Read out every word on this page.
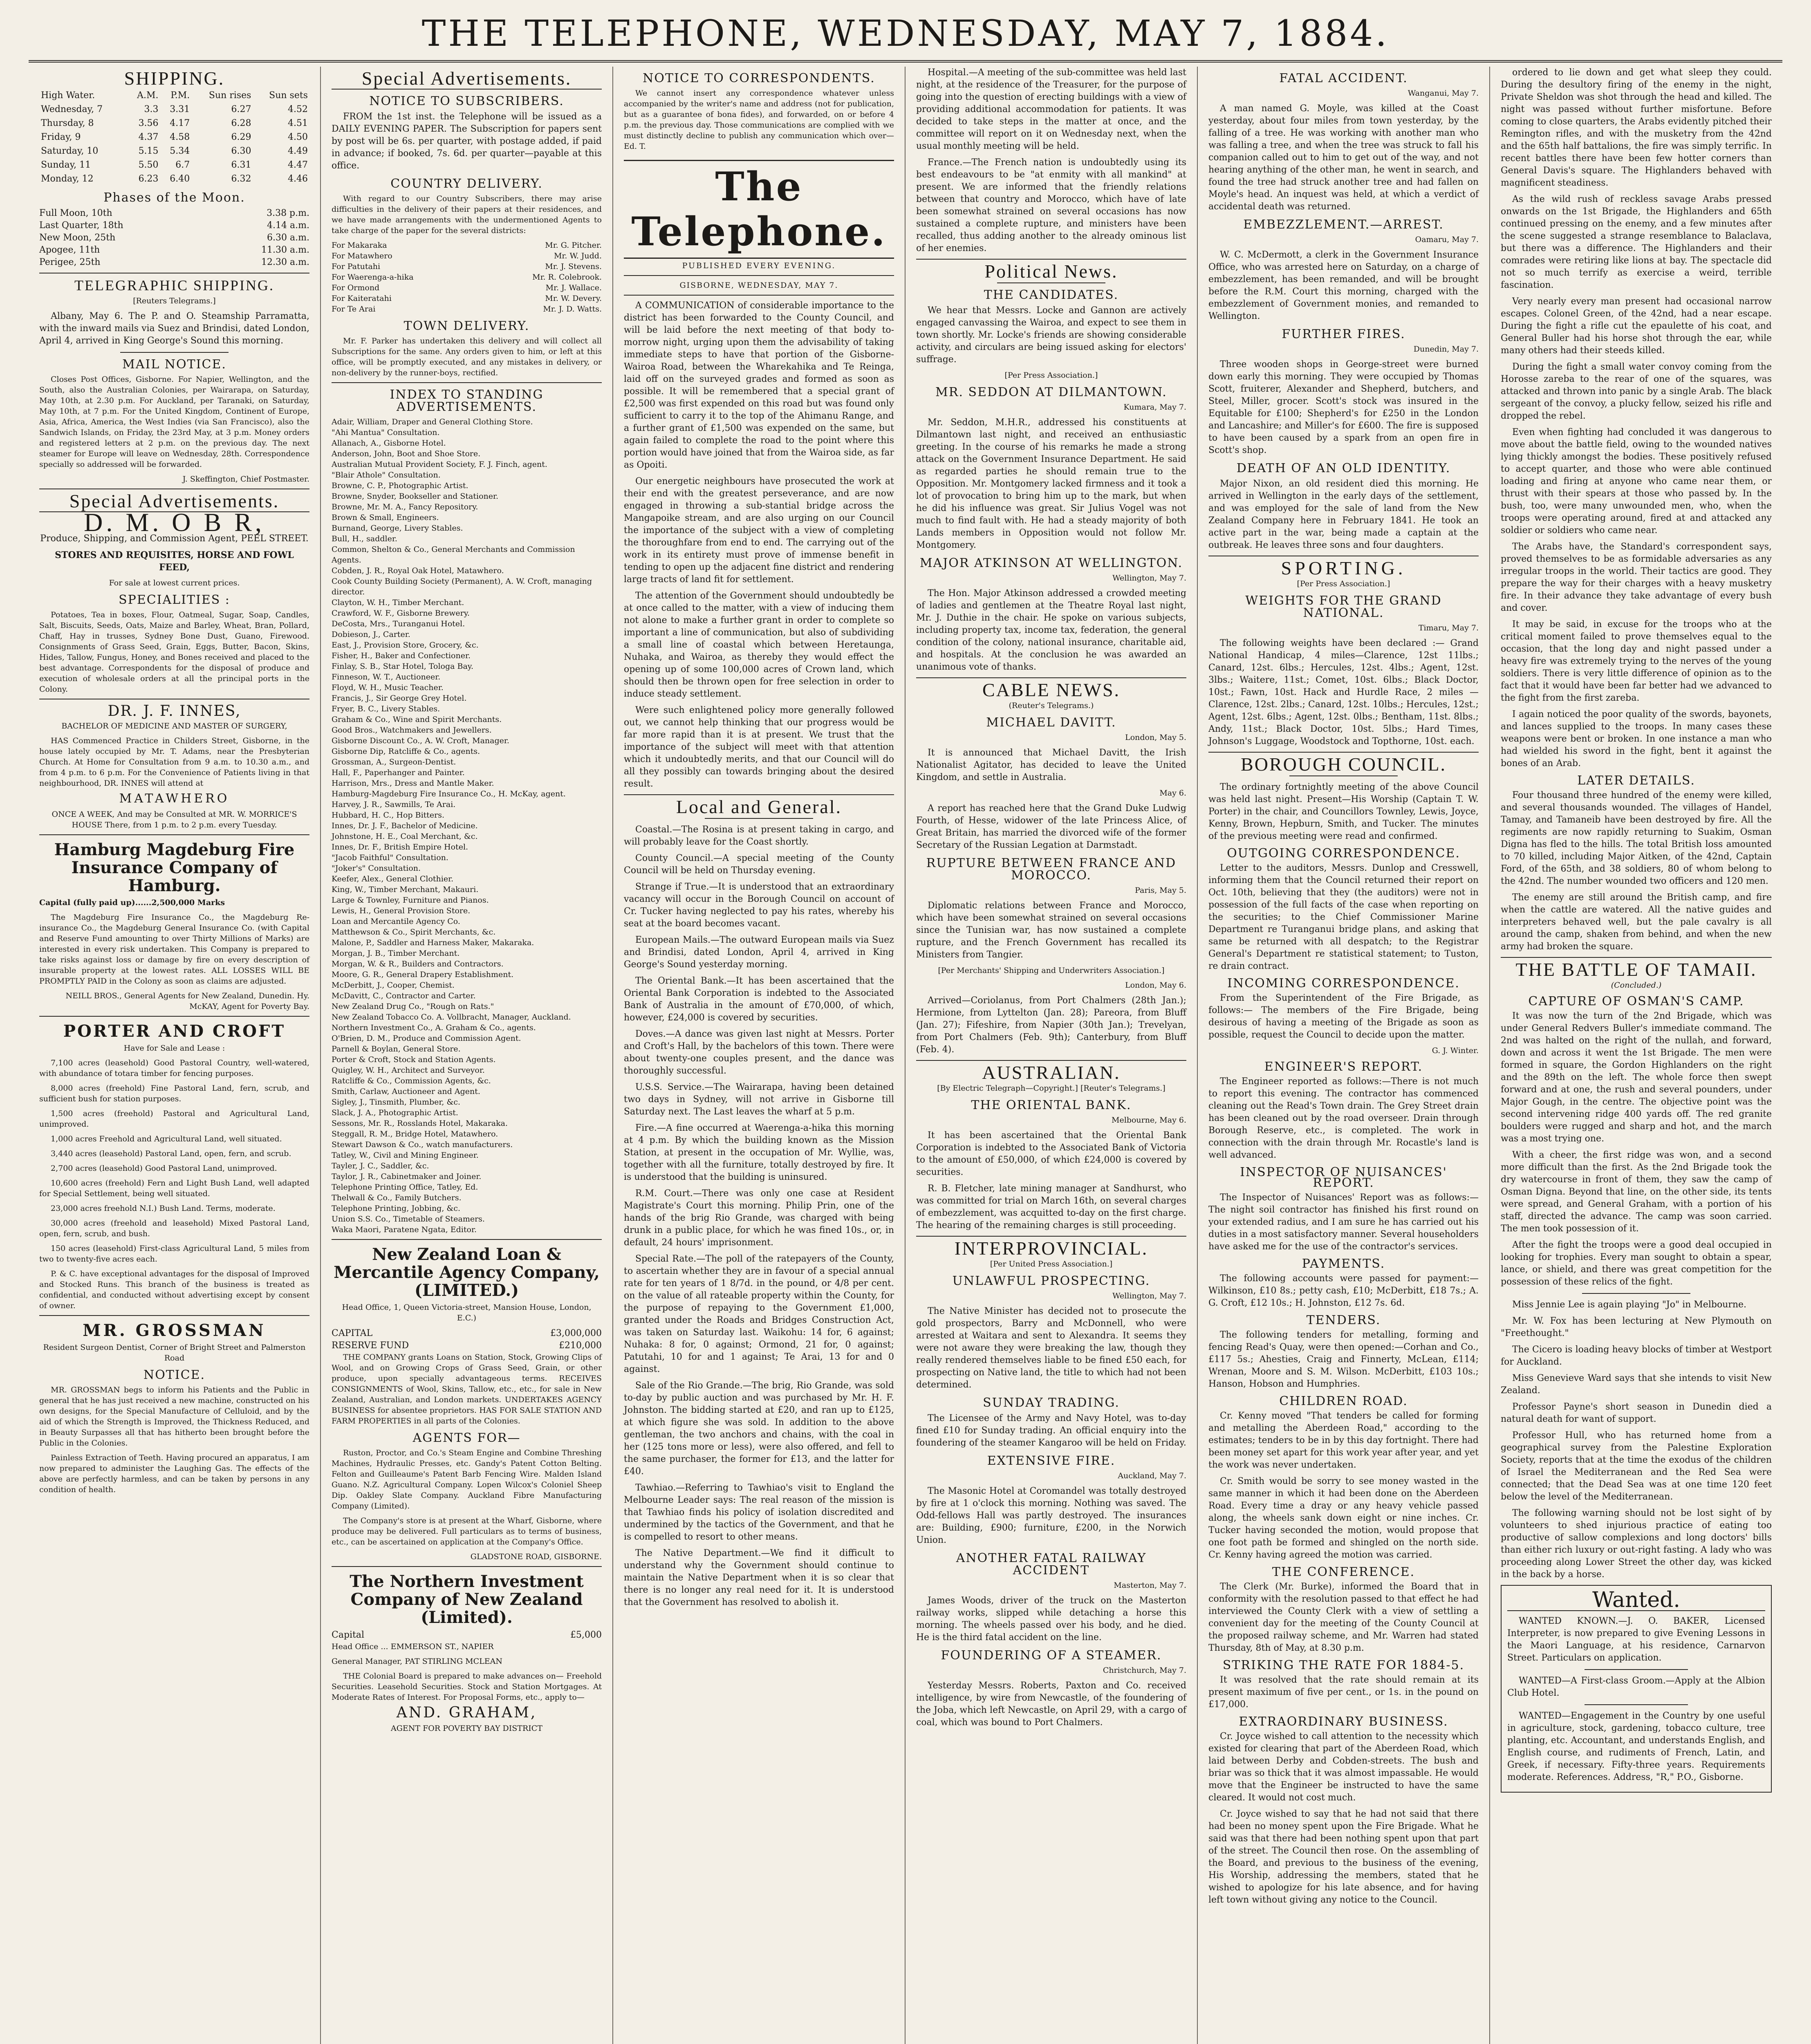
THE TELEPHONE, WEDNESDAY, MAY 7, 1884.
SHIPPING.
High Water.	A.M.	P.M.	Sun rises	Sun sets
Wednesday, 7	3.3	3.31	6.27	4.52
Thursday, 8	3.56	4.17	6.28	4.51
Friday, 9	4.37	4.58	6.29	4.50
Saturday, 10	5.15	5.34	6.30	4.49
Sunday, 11	5.50	6.7	6.31	4.47
Monday, 12	6.23	6.40	6.32	4.46
Phases of the Moon.
Full Moon, 10th	3.38 p.m.
Last Quarter, 18th	4.14 a.m.
New Moon, 25th	6.30 a.m.
Apogee, 11th	11.30 a.m.
Perigee, 25th	12.30 a.m.
TELEGRAPHIC SHIPPING.

[Reuters Telegrams.]

Albany, May 6. The P. and O. Steamship Parramatta, with the inward mails via Suez and Brindisi, dated London, April 4, arrived in King George's Sound this morning.

MAIL NOTICE.

Closes Post Offices, Gisborne. For Napier, Wellington, and the South, also the Australian Colonies, per Wairarapa, on Saturday, May 10th, at 2.30 p.m. For Auckland, per Taranaki, on Saturday, May 10th, at 7 p.m. For the United Kingdom, Continent of Europe, Asia, Africa, America, the West Indies (via San Francisco), also the Sandwich Islands, on Friday, the 23rd May, at 3 p.m. Money orders and registered letters at 2 p.m. on the previous day. The next steamer for Europe will leave on Wednesday, 28th. Correspondence specially so addressed will be forwarded.

J. Skeffington, Chief Postmaster.

Special Advertisements.
D. M. O B R,

Produce, Shipping, and Commission Agent, PEEL STREET.

STORES AND REQUISITES, HORSE AND FOWL FEED,

For sale at lowest current prices.

SPECIALITIES :

Potatoes, Tea in boxes, Flour, Oatmeal, Sugar, Soap, Candles, Salt, Biscuits, Seeds, Oats, Maize and Barley, Wheat, Bran, Pollard, Chaff, Hay in trusses, Sydney Bone Dust, Guano, Firewood. Consignments of Grass Seed, Grain, Eggs, Butter, Bacon, Skins, Hides, Tallow, Fungus, Honey, and Bones received and placed to the best advantage. Correspondents for the disposal of produce and execution of wholesale orders at all the principal ports in the Colony.

DR. J. F. INNES,

BACHELOR OF MEDICINE AND MASTER OF SURGERY,

HAS Commenced Practice in Childers Street, Gisborne, in the house lately occupied by Mr. T. Adams, near the Presbyterian Church. At Home for Consultation from 9 a.m. to 10.30 a.m., and from 4 p.m. to 6 p.m. For the Convenience of Patients living in that neighbourhood, DR. INNES will attend at

MATAWHERO

ONCE A WEEK, And may be Consulted at MR. W. MORRICE'S HOUSE There, from 1 p.m. to 2 p.m. every Tuesday.

Hamburg Magdeburg Fire Insurance Company of Hamburg.

Capital (fully paid up)......2,500,000 Marks

The Magdeburg Fire Insurance Co., the Magdeburg Re-insurance Co., the Magdeburg General Insurance Co. (with Capital and Reserve Fund amounting to over Thirty Millions of Marks) are interested in every risk undertaken. This Company is prepared to take risks against loss or damage by fire on every description of insurable property at the lowest rates. ALL LOSSES WILL BE PROMPTLY PAID in the Colony as soon as claims are adjusted.

NEILL BROS., General Agents for New Zealand, Dunedin. Hy. McKAY, Agent for Poverty Bay.

PORTER AND CROFT

Have for Sale and Lease :

7,100 acres (leasehold) Good Pastoral Country, well-watered, with abundance of totara timber for fencing purposes.

8,000 acres (freehold) Fine Pastoral Land, fern, scrub, and sufficient bush for station purposes.

1,500 acres (freehold) Pastoral and Agricultural Land, unimproved.

1,000 acres Freehold and Agricultural Land, well situated.

3,440 acres (leasehold) Pastoral Land, open, fern, and scrub.

2,700 acres (leasehold) Good Pastoral Land, unimproved.

10,600 acres (freehold) Fern and Light Bush Land, well adapted for Special Settlement, being well situated.

23,000 acres freehold N.I.) Bush Land. Terms, moderate.

30,000 acres (freehold and leasehold) Mixed Pastoral Land, open, fern, scrub, and bush.

150 acres (leasehold) First-class Agricultural Land, 5 miles from two to twenty-five acres each.

P. & C. have exceptional advantages for the disposal of Improved and Stocked Runs. This branch of the business is treated as confidential, and conducted without advertising except by consent of owner.

MR. GROSSMAN

Resident Surgeon Dentist, Corner of Bright Street and Palmerston Road

NOTICE.

MR. GROSSMAN begs to inform his Patients and the Public in general that he has just received a new machine, constructed on his own designs, for the Special Manufacture of Celluloid, and by the aid of which the Strength is Improved, the Thickness Reduced, and in Beauty Surpasses all that has hitherto been brought before the Public in the Colonies.

Painless Extraction of Teeth. Having procured an apparatus, I am now prepared to administer the Laughing Gas. The effects of the above are perfectly harmless, and can be taken by persons in any condition of health.

Special Advertisements.
NOTICE TO SUBSCRIBERS.

FROM the 1st inst. the Telephone will be issued as a DAILY EVENING PAPER. The Subscription for papers sent by post will be 6s. per quarter, with postage added, if paid in advance; if booked, 7s. 6d. per quarter—payable at this office.

COUNTRY DELIVERY.

With regard to our Country Subscribers, there may arise difficulties in the delivery of their papers at their residences, and we have made arrangements with the undermentioned Agents to take charge of the paper for the several districts:

For Makaraka	Mr. G. Pitcher.
For Matawhero	Mr. W. Judd.
For Patutahi	Mr. J. Stevens.
For Waerenga-a-hika	Mr. R. Colebrook.
For Ormond	Mr. J. Wallace.
For Kaiteratahi	Mr. W. Devery.
For Te Arai	Mr. J. D. Watts.
TOWN DELIVERY.

Mr. F. Parker has undertaken this delivery and will collect all Subscriptions for the same. Any orders given to him, or left at this office, will be promptly executed, and any mistakes in delivery, or non-delivery by the runner-boys, rectified.

INDEX TO STANDING ADVERTISEMENTS.
Adair, William, Draper and General Clothing Store.
"Ahi Mantua" Consultation.
Allanach, A., Gisborne Hotel.
Anderson, John, Boot and Shoe Store.
Australian Mutual Provident Society, F. J. Finch, agent.
"Blair Athole" Consultation.
Browne, C. P., Photographic Artist.
Browne, Snyder, Bookseller and Stationer.
Browne, Mr. M. A., Fancy Repository.
Brown & Small, Engineers.
Burnand, George, Livery Stables.
Bull, H., saddler.
Common, Shelton & Co., General Merchants and Commission Agents.
Cobden, J. R., Royal Oak Hotel, Matawhero.
Cook County Building Society (Permanent), A. W. Croft, managing director.
Clayton, W. H., Timber Merchant.
Crawford, W. F., Gisborne Brewery.
DeCosta, Mrs., Turanganui Hotel.
Dobieson, J., Carter.
East, J., Provision Store, Grocery, &c.
Fisher, H., Baker and Confectioner.
Finlay, S. B., Star Hotel, Tologa Bay.
Finneson, W. T., Auctioneer.
Floyd, W. H., Music Teacher.
Francis, J., Sir George Grey Hotel.
Fryer, B. C., Livery Stables.
Graham & Co., Wine and Spirit Merchants.
Good Bros., Watchmakers and Jewellers.
Gisborne Discount Co., A. W. Croft, Manager.
Gisborne Dip, Ratcliffe & Co., agents.
Grossman, A., Surgeon-Dentist.
Hall, F., Paperhanger and Painter.
Harrison, Mrs., Dress and Mantle Maker.
Hamburg-Magdeburg Fire Insurance Co., H. McKay, agent.
Harvey, J. R., Sawmills, Te Arai.
Hubbard, H. C., Hop Bitters.
Innes, Dr. J. F., Bachelor of Medicine.
Johnstone, H. E., Coal Merchant, &c.
Innes, Dr. F., British Empire Hotel.
"Jacob Faithful" Consultation.
"Joker's" Consultation.
Keefer, Alex., General Clothier.
King, W., Timber Merchant, Makauri.
Large & Townley, Furniture and Pianos.
Lewis, H., General Provision Store.
Loan and Mercantile Agency Co.
Matthewson & Co., Spirit Merchants, &c.
Malone, P., Saddler and Harness Maker, Makaraka.
Morgan, J. B., Timber Merchant.
Morgan, W. & R., Builders and Contractors.
Moore, G. R., General Drapery Establishment.
McDerbitt, J., Cooper, Chemist.
McDavitt, C., Contractor and Carter.
New Zealand Drug Co., "Rough on Rats."
New Zealand Tobacco Co. A. Vollbracht, Manager, Auckland.
Northern Investment Co., A. Graham & Co., agents.
O'Brien, D. M., Produce and Commission Agent.
Parnell & Boylan, General Store.
Porter & Croft, Stock and Station Agents.
Quigley, W. H., Architect and Surveyor.
Ratcliffe & Co., Commission Agents, &c.
Smith, Carlaw, Auctioneer and Agent.
Sigley, J., Tinsmith, Plumber, &c.
Slack, J. A., Photographic Artist.
Sessons, Mr. R., Rosslands Hotel, Makaraka.
Steggall, R. M., Bridge Hotel, Matawhero.
Stewart Dawson & Co., watch manufacturers.
Tatley, W., Civil and Mining Engineer.
Tayler, J. C., Saddler, &c.
Taylor, J. R., Cabinetmaker and Joiner.
Telephone Printing Office, Tatley, Ed.
Thelwall & Co., Family Butchers.
Telephone Printing, Jobbing, &c.
Union S.S. Co., Timetable of Steamers.
Waka Maori, Paratene Ngata, Editor.
New Zealand Loan & Mercantile Agency Company, (LIMITED.)

Head Office, 1, Queen Victoria-street, Mansion House, London, E.C.)

CAPITAL	£3,000,000
RESERVE FUND	£210,000

THE COMPANY grants Loans on Station, Stock, Growing Clips of Wool, and on Growing Crops of Grass Seed, Grain, or other produce, upon specially advantageous terms. RECEIVES CONSIGNMENTS of Wool, Skins, Tallow, etc., etc., for sale in New Zealand, Australian, and London markets. UNDERTAKES AGENCY BUSINESS for absentee proprietors. HAS FOR SALE STATION AND FARM PROPERTIES in all parts of the Colonies.

AGENTS FOR—

Ruston, Proctor, and Co.'s Steam Engine and Combine Threshing Machines, Hydraulic Presses, etc. Gandy's Patent Cotton Belting. Felton and Guilleaume's Patent Barb Fencing Wire. Malden Island Guano. N.Z. Agricultural Company. Lopen Wilcox's Coloniel Sheep Dip. Oakley Slate Company. Auckland Fibre Manufacturing Company (Limited).

The Company's store is at present at the Wharf, Gisborne, where produce may be delivered. Full particulars as to terms of business, etc., can be ascertained on application at the Company's Office.

GLADSTONE ROAD, GISBORNE.

The Northern Investment Company of New Zealand (Limited).
Capital	£5,000

Head Office ... EMMERSON ST., NAPIER

General Manager, PAT STIRLING MCLEAN

THE Colonial Board is prepared to make advances on— Freehold Securities. Leasehold Securities. Stock and Station Mortgages. At Moderate Rates of Interest. For Proposal Forms, etc., apply to—

AND. GRAHAM,

AGENT FOR POVERTY BAY DISTRICT

NOTICE TO CORRESPONDENTS.

We cannot insert any correspondence whatever unless accompanied by the writer's name and address (not for publication, but as a guarantee of bona fides), and forwarded, on or before 4 p.m. the previous day. Those communications are complied with we must distinctly decline to publish any communication which over—Ed. T.

The Telephone.

PUBLISHED EVERY EVENING.

GISBORNE, WEDNESDAY, MAY 7.

A COMMUNICATION of considerable importance to the district has been forwarded to the County Council, and will be laid before the next meeting of that body to-morrow night, urging upon them the advisability of taking immediate steps to have that portion of the Gisborne-Wairoa Road, between the Wharekahika and Te Reinga, laid off on the surveyed grades and formed as soon as possible. It will be remembered that a special grant of £2,500 was first expended on this road but was found only sufficient to carry it to the top of the Ahimanu Range, and a further grant of £1,500 was expended on the same, but again failed to complete the road to the point where this portion would have joined that from the Wairoa side, as far as Opoiti.

Our energetic neighbours have prosecuted the work at their end with the greatest perseverance, and are now engaged in throwing a sub-stantial bridge across the Mangapoike stream, and are also urging on our Council the importance of the subject with a view of completing the thoroughfare from end to end. The carrying out of the work in its entirety must prove of immense benefit in tending to open up the adjacent fine district and rendering large tracts of land fit for settlement.

The attention of the Government should undoubtedly be at once called to the matter, with a view of inducing them not alone to make a further grant in order to complete so important a line of communication, but also of subdividing a small line of coastal which between Heretaunga, Nuhaka, and Wairoa, as thereby they would effect the opening up of some 100,000 acres of Crown land, which should then be thrown open for free selection in order to induce steady settlement.

Were such enlightened policy more generally followed out, we cannot help thinking that our progress would be far more rapid than it is at present. We trust that the importance of the subject will meet with that attention which it undoubtedly merits, and that our Council will do all they possibly can towards bringing about the desired result.

Local and General.

Coastal.—The Rosina is at present taking in cargo, and will probably leave for the Coast shortly.

County Council.—A special meeting of the County Council will be held on Thursday evening.

Strange if True.—It is understood that an extraordinary vacancy will occur in the Borough Council on account of Cr. Tucker having neglected to pay his rates, whereby his seat at the board becomes vacant.

European Mails.—The outward European mails via Suez and Brindisi, dated London, April 4, arrived in King George's Sound yesterday morning.

The Oriental Bank.—It has been ascertained that the Oriental Bank Corporation is indebted to the Associated Bank of Australia in the amount of £70,000, of which, however, £24,000 is covered by securities.

Doves.—A dance was given last night at Messrs. Porter and Croft's Hall, by the bachelors of this town. There were about twenty-one couples present, and the dance was thoroughly successful.

U.S.S. Service.—The Wairarapa, having been detained two days in Sydney, will not arrive in Gisborne till Saturday next. The Last leaves the wharf at 5 p.m.

Fire.—A fine occurred at Waerenga-a-hika this morning at 4 p.m. By which the building known as the Mission Station, at present in the occupation of Mr. Wyllie, was, together with all the furniture, totally destroyed by fire. It is understood that the building is uninsured.

R.M. Court.—There was only one case at Resident Magistrate's Court this morning. Philip Prin, one of the hands of the brig Rio Grande, was charged with being drunk in a public place, for which he was fined 10s., or, in default, 24 hours' imprisonment.

Special Rate.—The poll of the ratepayers of the County, to ascertain whether they are in favour of a special annual rate for ten years of 1 8/7d. in the pound, or 4/8 per cent. on the value of all rateable property within the County, for the purpose of repaying to the Government £1,000, granted under the Roads and Bridges Construction Act, was taken on Saturday last. Waikohu: 14 for, 6 against; Nuhaka: 8 for, 0 against; Ormond, 21 for, 0 against; Patutahi, 10 for and 1 against; Te Arai, 13 for and 0 against.

Sale of the Rio Grande.—The brig, Rio Grande, was sold to-day by public auction and was purchased by Mr. H. F. Johnston. The bidding started at £20, and ran up to £125, at which figure she was sold. In addition to the above gentleman, the two anchors and chains, with the coal in her (125 tons more or less), were also offered, and fell to the same purchaser, the former for £13, and the latter for £40.

Tawhiao.—Referring to Tawhiao's visit to England the Melbourne Leader says: The real reason of the mission is that Tawhiao finds his policy of isolation discredited and undermined by the tactics of the Government, and that he is compelled to resort to other means.

The Native Department.—We find it difficult to understand why the Government should continue to maintain the Native Department when it is so clear that there is no longer any real need for it. It is understood that the Government has resolved to abolish it.

Hospital.—A meeting of the sub-committee was held last night, at the residence of the Treasurer, for the purpose of going into the question of erecting buildings with a view of providing additional accommodation for patients. It was decided to take steps in the matter at once, and the committee will report on it on Wednesday next, when the usual monthly meeting will be held.

France.—The French nation is undoubtedly using its best endeavours to be "at enmity with all mankind" at present. We are informed that the friendly relations between that country and Morocco, which have of late been somewhat strained on several occasions has now sustained a complete rupture, and ministers have been recalled, thus adding another to the already ominous list of her enemies.

Political News.
THE CANDIDATES.

We hear that Messrs. Locke and Gannon are actively engaged canvassing the Wairoa, and expect to see them in town shortly. Mr. Locke's friends are showing considerable activity, and circulars are being issued asking for electors' suffrage.

[Per Press Association.]

MR. SEDDON AT DILMANTOWN.

Kumara, May 7.

Mr. Seddon, M.H.R., addressed his constituents at Dilmantown last night, and received an enthusiastic greeting. In the course of his remarks he made a strong attack on the Government Insurance Department. He said as regarded parties he should remain true to the Opposition. Mr. Montgomery lacked firmness and it took a lot of provocation to bring him up to the mark, but when he did his influence was great. Sir Julius Vogel was not much to find fault with. He had a steady majority of both Lands members in Opposition would not follow Mr. Montgomery.

MAJOR ATKINSON AT WELLINGTON.

Wellington, May 7.

The Hon. Major Atkinson addressed a crowded meeting of ladies and gentlemen at the Theatre Royal last night, Mr. J. Duthie in the chair. He spoke on various subjects, including property tax, income tax, federation, the general condition of the colony, national insurance, charitable aid, and hospitals. At the conclusion he was awarded an unanimous vote of thanks.

CABLE NEWS.

(Reuter's Telegrams.)

MICHAEL DAVITT.

London, May 5.

It is announced that Michael Davitt, the Irish Nationalist Agitator, has decided to leave the United Kingdom, and settle in Australia.

May 6.

A report has reached here that the Grand Duke Ludwig Fourth, of Hesse, widower of the late Princess Alice, of Great Britain, has married the divorced wife of the former Secretary of the Russian Legation at Darmstadt.

RUPTURE BETWEEN FRANCE AND MOROCCO.

Paris, May 5.

Diplomatic relations between France and Morocco, which have been somewhat strained on several occasions since the Tunisian war, has now sustained a complete rupture, and the French Government has recalled its Ministers from Tangier.

[Per Merchants' Shipping and Underwriters Association.]

London, May 6.

Arrived—Coriolanus, from Port Chalmers (28th Jan.); Hermione, from Lyttelton (Jan. 28); Pareora, from Bluff (Jan. 27); Fifeshire, from Napier (30th Jan.); Trevelyan, from Port Chalmers (Feb. 9th); Canterbury, from Bluff (Feb. 4).

AUSTRALIAN.

[By Electric Telegraph—Copyright.] [Reuter's Telegrams.]

THE ORIENTAL BANK.

Melbourne, May 6.

It has been ascertained that the Oriental Bank Corporation is indebted to the Associated Bank of Victoria to the amount of £50,000, of which £24,000 is covered by securities.

R. B. Fletcher, late mining manager at Sandhurst, who was committed for trial on March 16th, on several charges of embezzlement, was acquitted to-day on the first charge. The hearing of the remaining charges is still proceeding.

INTERPROVINCIAL.

[Per United Press Association.]

UNLAWFUL PROSPECTING.

Wellington, May 7.

The Native Minister has decided not to prosecute the gold prospectors, Barry and McDonnell, who were arrested at Waitara and sent to Alexandra. It seems they were not aware they were breaking the law, though they really rendered themselves liable to be fined £50 each, for prospecting on Native land, the title to which had not been determined.

SUNDAY TRADING.

The Licensee of the Army and Navy Hotel, was to-day fined £10 for Sunday trading. An official enquiry into the foundering of the steamer Kangaroo will be held on Friday.

EXTENSIVE FIRE.

Auckland, May 7.

The Masonic Hotel at Coromandel was totally destroyed by fire at 1 o'clock this morning. Nothing was saved. The Odd-fellows Hall was partly destroyed. The insurances are: Building, £900; furniture, £200, in the Norwich Union.

ANOTHER FATAL RAILWAY ACCIDENT

Masterton, May 7.

James Woods, driver of the truck on the Masterton railway works, slipped while detaching a horse this morning. The wheels passed over his body, and he died. He is the third fatal accident on the line.

FOUNDERING OF A STEAMER.

Christchurch, May 7.

Yesterday Messrs. Roberts, Paxton and Co. received intelligence, by wire from Newcastle, of the foundering of the Joba, which left Newcastle, on April 29, with a cargo of coal, which was bound to Port Chalmers.

FATAL ACCIDENT.

Wanganui, May 7.

A man named G. Moyle, was killed at the Coast yesterday, about four miles from town yesterday, by the falling of a tree. He was working with another man who was falling a tree, and when the tree was struck to fall his companion called out to him to get out of the way, and not hearing anything of the other man, he went in search, and found the tree had struck another tree and had fallen on Moyle's head. An inquest was held, at which a verdict of accidental death was returned.

EMBEZZLEMENT.—ARREST.

Oamaru, May 7.

W. C. McDermott, a clerk in the Government Insurance Office, who was arrested here on Saturday, on a charge of embezzlement, has been remanded, and will be brought before the R.M. Court this morning, charged with the embezzlement of Government monies, and remanded to Wellington.

FURTHER FIRES.

Dunedin, May 7.

Three wooden shops in George-street were burned down early this morning. They were occupied by Thomas Scott, fruiterer, Alexander and Shepherd, butchers, and Steel, Miller, grocer. Scott's stock was insured in the Equitable for £100; Shepherd's for £250 in the London and Lancashire; and Miller's for £600. The fire is supposed to have been caused by a spark from an open fire in Scott's shop.

DEATH OF AN OLD IDENTITY.

Major Nixon, an old resident died this morning. He arrived in Wellington in the early days of the settlement, and was employed for the sale of land from the New Zealand Company here in February 1841. He took an active part in the war, being made a captain at the outbreak. He leaves three sons and four daughters.

SPORTING.

[Per Press Association.]

WEIGHTS FOR THE GRAND NATIONAL.

Timaru, May 7.

The following weights have been declared :— Grand National Handicap, 4 miles—Clarence, 12st 11lbs.; Canard, 12st. 6lbs.; Hercules, 12st. 4lbs.; Agent, 12st. 3lbs.; Waitere, 11st.; Comet, 10st. 6lbs.; Black Doctor, 10st.; Fawn, 10st. Hack and Hurdle Race, 2 miles — Clarence, 12st. 2lbs.; Canard, 12st. 10lbs.; Hercules, 12st.; Agent, 12st. 6lbs.; Agent, 12st. 0lbs.; Bentham, 11st. 8lbs.; Andy, 11st.; Black Doctor, 10st. 5lbs.; Hard Times, Johnson's Luggage, Woodstock and Topthorne, 10st. each.

BOROUGH COUNCIL.

The ordinary fortnightly meeting of the above Council was held last night. Present—His Worship (Captain T. W. Porter) in the chair, and Councillors Townley, Lewis, Joyce, Kenny, Brown, Hepburn, Smith, and Tucker. The minutes of the previous meeting were read and confirmed.

OUTGOING CORRESPONDENCE.

Letter to the auditors, Messrs. Dunlop and Cresswell, informing them that the Council returned their report on Oct. 10th, believing that they (the auditors) were not in possession of the full facts of the case when reporting on the securities; to the Chief Commissioner Marine Department re Turanganui bridge plans, and asking that same be returned with all despatch; to the Registrar General's Department re statistical statement; to Tuston, re drain contract.

INCOMING CORRESPONDENCE.

From the Superintendent of the Fire Brigade, as follows:— The members of the Fire Brigade, being desirous of having a meeting of the Brigade as soon as possible, request the Council to decide upon the matter.

G. J. Winter.

ENGINEER'S REPORT.

The Engineer reported as follows:—There is not much to report this evening. The contractor has commenced cleaning out the Read's Town drain. The Grey Street drain has been cleaned out by the road overseer. Drain through Borough Reserve, etc., is completed. The work in connection with the drain through Mr. Rocastle's land is well advanced.

INSPECTOR OF NUISANCES' REPORT.

The Inspector of Nuisances' Report was as follows:—The night soil contractor has finished his first round on your extended radius, and I am sure he has carried out his duties in a most satisfactory manner. Several householders have asked me for the use of the contractor's services.

PAYMENTS.

The following accounts were passed for payment:—Wilkinson, £10 8s.; petty cash, £10; McDerbitt, £18 7s.; A. G. Croft, £12 10s.; H. Johnston, £12 7s. 6d.

TENDERS.

The following tenders for metalling, forming and fencing Read's Quay, were then opened:—Corhan and Co., £117 5s.; Ahesties, Craig and Finnerty, McLean, £114; Wrenan, Moore and S. M. Wilson. McDerbitt, £103 10s.; Hanson, Hobson and Humphries.

CHILDREN ROAD.

Cr. Kenny moved "That tenders be called for forming and metalling the Aberdeen Road," according to the estimates; tenders to be in by this day fortnight. There had been money set apart for this work year after year, and yet the work was never undertaken.

Cr. Smith would be sorry to see money wasted in the same manner in which it had been done on the Aberdeen Road. Every time a dray or any heavy vehicle passed along, the wheels sank down eight or nine inches. Cr. Tucker having seconded the motion, would propose that one foot path be formed and shingled on the north side. Cr. Kenny having agreed the motion was carried.

THE CONFERENCE.

The Clerk (Mr. Burke), informed the Board that in conformity with the resolution passed to that effect he had interviewed the County Clerk with a view of settling a convenient day for the meeting of the County Council at the proposed railway scheme, and Mr. Warren had stated Thursday, 8th of May, at 8.30 p.m.

STRIKING THE RATE FOR 1884-5.

It was resolved that the rate should remain at its present maximum of five per cent., or 1s. in the pound on £17,000.

EXTRAORDINARY BUSINESS.

Cr. Joyce wished to call attention to the necessity which existed for clearing that part of the Aberdeen Road, which laid between Derby and Cobden-streets. The bush and briar was so thick that it was almost impassable. He would move that the Engineer be instructed to have the same cleared. It would not cost much.

Cr. Joyce wished to say that he had not said that there had been no money spent upon the Fire Brigade. What he said was that there had been nothing spent upon that part of the street. The Council then rose. On the assembling of the Board, and previous to the business of the evening, His Worship, addressing the members, stated that he wished to apologize for his late absence, and for having left town without giving any notice to the Council.

ordered to lie down and get what sleep they could. During the desultory firing of the enemy in the night, Private Sheldon was shot through the head and killed. The night was passed without further misfortune. Before coming to close quarters, the Arabs evidently pitched their Remington rifles, and with the musketry from the 42nd and the 65th half battalions, the fire was simply terrific. In recent battles there have been few hotter corners than General Davis's square. The Highlanders behaved with magnificent steadiness.

As the wild rush of reckless savage Arabs pressed onwards on the 1st Brigade, the Highlanders and 65th continued pressing on the enemy, and a few minutes after the scene suggested a strange resemblance to Balaclava, but there was a difference. The Highlanders and their comrades were retiring like lions at bay. The spectacle did not so much terrify as exercise a weird, terrible fascination.

Very nearly every man present had occasional narrow escapes. Colonel Green, of the 42nd, had a near escape. During the fight a rifle cut the epaulette of his coat, and General Buller had his horse shot through the ear, while many others had their steeds killed.

During the fight a small water convoy coming from the Horosse zareba to the rear of one of the squares, was attacked and thrown into panic by a single Arab. The black sergeant of the convoy, a plucky fellow, seized his rifle and dropped the rebel.

Even when fighting had concluded it was dangerous to move about the battle field, owing to the wounded natives lying thickly amongst the bodies. These positively refused to accept quarter, and those who were able continued loading and firing at anyone who came near them, or thrust with their spears at those who passed by. In the bush, too, were many unwounded men, who, when the troops were operating around, fired at and attacked any soldier or soldiers who came near.

The Arabs have, the Standard's correspondent says, proved themselves to be as formidable adversaries as any irregular troops in the world. Their tactics are good. They prepare the way for their charges with a heavy musketry fire. In their advance they take advantage of every bush and cover.

It may be said, in excuse for the troops who at the critical moment failed to prove themselves equal to the occasion, that the long day and night passed under a heavy fire was extremely trying to the nerves of the young soldiers. There is very little difference of opinion as to the fact that it would have been far better had we advanced to the fight from the first zareba.

I again noticed the poor quality of the swords, bayonets, and lances supplied to the troops. In many cases these weapons were bent or broken. In one instance a man who had wielded his sword in the fight, bent it against the bones of an Arab.

LATER DETAILS.

Four thousand three hundred of the enemy were killed, and several thousands wounded. The villages of Handel, Tamay, and Tamaneib have been destroyed by fire. All the regiments are now rapidly returning to Suakim, Osman Digna has fled to the hills. The total British loss amounted to 70 killed, including Major Aitken, of the 42nd, Captain Ford, of the 65th, and 38 soldiers, 80 of whom belong to the 42nd. The number wounded two officers and 120 men.

The enemy are still around the British camp, and fire when the cattle are watered. All the native guides and interpreters behaved well, but the pale cavalry is all around the camp, shaken from behind, and when the new army had broken the square.

THE BATTLE OF TAMAII.

(Concluded.)

CAPTURE OF OSMAN'S CAMP.

It was now the turn of the 2nd Brigade, which was under General Redvers Buller's immediate command. The 2nd was halted on the right of the nullah, and forward, down and across it went the 1st Brigade. The men were formed in square, the Gordon Highlanders on the right and the 89th on the left. The whole force then swept forward and at one, the rush and several pounders, under Major Gough, in the centre. The objective point was the second intervening ridge 400 yards off. The red granite boulders were rugged and sharp and hot, and the march was a most trying one.

With a cheer, the first ridge was won, and a second more difficult than the first. As the 2nd Brigade took the dry watercourse in front of them, they saw the camp of Osman Digna. Beyond that line, on the other side, its tents were spread, and General Graham, with a portion of his staff, directed the advance. The camp was soon carried. The men took possession of it.

After the fight the troops were a good deal occupied in looking for trophies. Every man sought to obtain a spear, lance, or shield, and there was great competition for the possession of these relics of the fight.

Miss Jennie Lee is again playing "Jo" in Melbourne.

Mr. W. Fox has been lecturing at New Plymouth on "Freethought."

The Cicero is loading heavy blocks of timber at Westport for Auckland.

Miss Genevieve Ward says that she intends to visit New Zealand.

Professor Payne's short season in Dunedin died a natural death for want of support.

Professor Hull, who has returned home from a geographical survey from the Palestine Exploration Society, reports that at the time the exodus of the children of Israel the Mediterranean and the Red Sea were connected; that the Dead Sea was at one time 120 feet below the level of the Mediterranean.

The following warning should not be lost sight of by volunteers to shed injurious practice of eating too productive of sallow complexions and long doctors' bills than either rich luxury or out-right fasting. A lady who was proceeding along Lower Street the other day, was kicked in the back by a horse.

Wanted.

WANTED KNOWN.—J. O. BAKER, Licensed Interpreter, is now prepared to give Evening Lessons in the Maori Language, at his residence, Carnarvon Street. Particulars on application.

WANTED—A First-class Groom.—Apply at the Albion Club Hotel.

WANTED—Engagement in the Country by one useful in agriculture, stock, gardening, tobacco culture, tree planting, etc. Accountant, and understands English, and English course, and rudiments of French, Latin, and Greek, if necessary. Fifty-three years. Requirements moderate. References. Address, "R," P.O., Gisborne.
